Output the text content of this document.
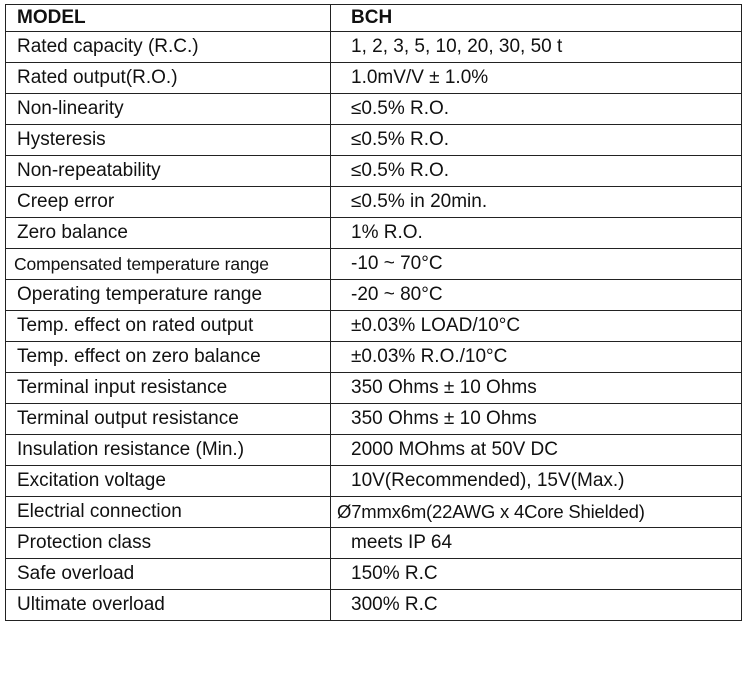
MODEL	BCH
Rated capacity (R.C.)	1, 2, 3, 5, 10, 20, 30, 50 t
Rated output(R.O.)	1.0mV/V ± 1.0%
Non-linearity	≤0.5% R.O.
Hysteresis	≤0.5% R.O.
Non-repeatability	≤0.5% R.O.
Creep error	≤0.5% in 20min.
Zero balance	1% R.O.
Compensated temperature range	-10 ~ 70°C
Operating temperature range	-20 ~ 80°C
Temp. effect on rated output	±0.03% LOAD/10°C
Temp. effect on zero balance	±0.03% R.O./10°C
Terminal input resistance	350 Ohms ± 10 Ohms
Terminal output resistance	350 Ohms ± 10 Ohms
Insulation resistance (Min.)	2000 MOhms at 50V DC
Excitation voltage	10V(Recommended), 15V(Max.)
Electrial connection	Ø7mmx6m(22AWG x 4Core Shielded)
Protection class	meets IP 64
Safe overload	150% R.C
Ultimate overload	300% R.C
